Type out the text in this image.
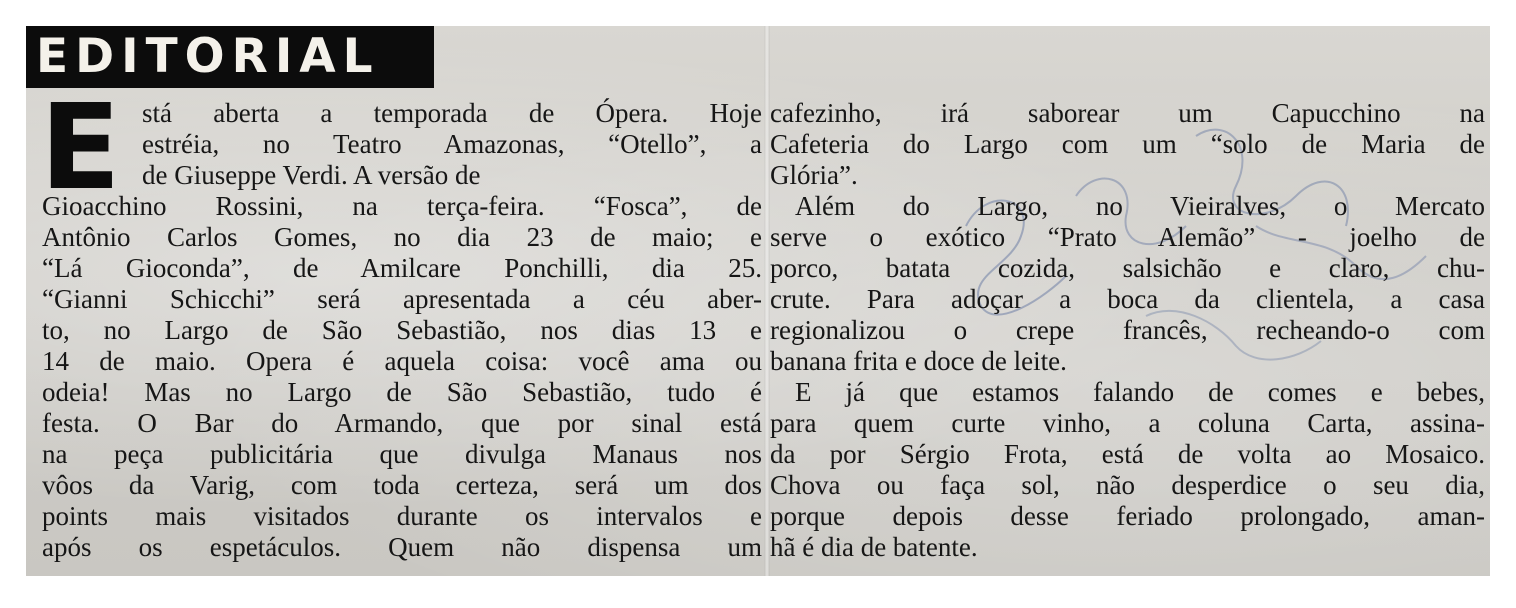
EDITORIAL
E stá aberta a temporada de Ópera. Hoje
estréia, no Teatro Amazonas, “Otello”, a
de Giuseppe Verdi. A versão de
Gioacchino Rossini, na terça-feira. “Fosca”, de
Antônio Carlos Gomes, no dia 23 de maio; e
“Lá Gioconda”, de Amilcare Ponchilli, dia 25.
“Gianni Schicchi” será apresentada a céu aber-
to, no Largo de São Sebastião, nos dias 13 e
14 de maio. Opera é aquela coisa: você ama ou
odeia! Mas no Largo de São Sebastião, tudo é
festa. O Bar do Armando, que por sinal está
na peça publicitária que divulga Manaus nos
vôos da Varig, com toda certeza, será um dos
points mais visitados durante os intervalos e
após os espetáculos. Quem não dispensa um
cafezinho, irá saborear um Capucchino na
Cafeteria do Largo com um “solo de Maria de
Glória”.
Além do Largo, no Vieiralves, o Mercato
serve o exótico “Prato Alemão” - joelho de
porco, batata cozida, salsichão e claro, chu-
crute. Para adoçar a boca da clientela, a casa
regionalizou o crepe francês, recheando-o com
banana frita e doce de leite.
E já que estamos falando de comes e bebes,
para quem curte vinho, a coluna Carta, assina-
da por Sérgio Frota, está de volta ao Mosaico.
Chova ou faça sol, não desperdice o seu dia,
porque depois desse feriado prolongado, aman-
hã é dia de batente.
